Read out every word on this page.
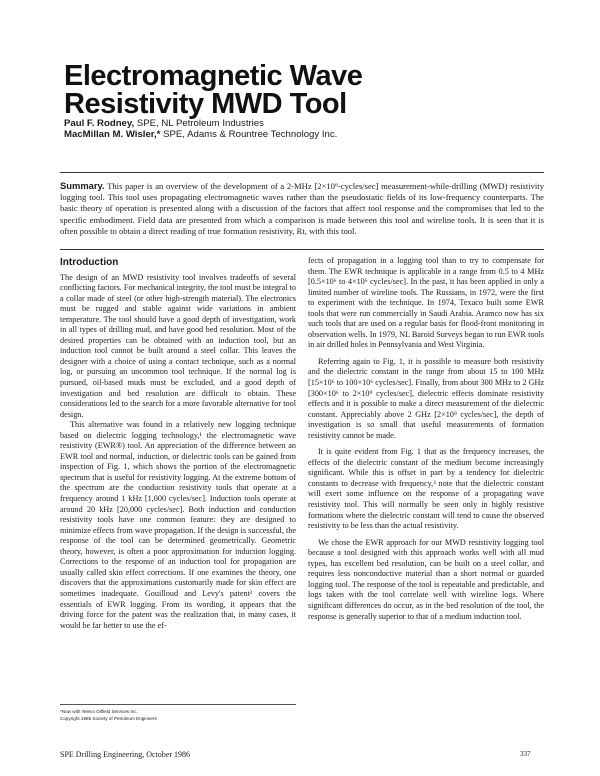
Electromagnetic Wave
Resistivity MWD Tool
Paul F. Rodney, SPE, NL Petroleum Industries
MacMillan M. Wisler,* SPE, Adams & Rountree Technology Inc.
Summary. This paper is an overview of the development of a 2-MHz [2×10⁶-cycles/sec] measurement-while-drilling (MWD) resistivity logging tool. This tool uses propagating electromagnetic waves rather than the pseudostatic fields of its low-frequency counterparts. The basic theory of operation is presented along with a discussion of the factors that affect tool response and the compromises that led to the specific embodiment. Field data are presented from which a comparison is made between this tool and wireline tools. It is seen that it is often possible to obtain a direct reading of true formation resistivity, Rt, with this tool.

Introduction

The design of an MWD resistivity tool involves tradeoffs of several conflicting factors. For mechanical integrity, the tool must be integral to a collar made of steel (or other high-strength material). The electronics must be rugged and stable against wide variations in ambient temperature. The tool should have a good depth of investigation, work in all types of drilling mud, and have good bed resolution. Most of the desired properties can be obtained with an induction tool, but an induction tool cannot be built around a steel collar. This leaves the designer with a choice of using a contact technique, such as a normal log, or pursuing an uncommon tool technique. If the normal log is pursued, oil-based muds must be excluded, and a good depth of investigation and bed resolution are difficult to obtain. These considerations led to the search for a more favorable alternative for tool design.

This alternative was found in a relatively new logging technique based on dielectric logging technology,¹ the electromagnetic wave resistivity (EWR®) tool. An appreciation of the difference between an EWR tool and normal, induction, or dielectric tools can be gained from inspection of Fig. 1, which shows the portion of the electromagnetic spectrum that is useful for resistivity logging. At the extreme bottom of the spectrum are the conduction resistivity tools that operate at a frequency around 1 kHz [1,000 cycles/sec]. Induction tools operate at around 20 kHz [20,000 cycles/sec]. Both induction and conduction resistivity tools have one common feature: they are designed to minimize effects from wave propagation. If the design is successful, the response of the tool can be determined geometrically. Geometric theory, however, is often a poor approximation for induction logging. Corrections to the response of an induction tool for propagation are usually called skin effect corrections. If one examines the theory, one discovers that the approximations customarily made for skin effect are sometimes inadequate. Gouilloud and Levy's patent² covers the essentials of EWR logging. From its wording, it appears that the driving force for the patent was the realization that, in many cases, it would be far better to use the ef-

fects of propagation in a logging tool than to try to compensate for them. The EWR technique is applicable in a range from 0.5 to 4 MHz [0.5×10⁶ to 4×10⁶ cycles/sec]. In the past, it has been applied in only a limited number of wireline tools. The Russians, in 1972, were the first to experiment with the technique. In 1974, Texaco built some EWR tools that were run commercially in Saudi Arabia. Aramco now has six such tools that are used on a regular basis for flood-front monitoring in observation wells. In 1979, NL Baroid Surveys began to run EWR tools in air drilled holes in Pennsylvania and West Virginia.

Referring again to Fig. 1, it is possible to measure both resistivity and the dielectric constant in the range from about 15 to 100 MHz [15×10⁶ to 100×10⁶ cycles/sec]. Finally, from about 300 MHz to 2 GHz [300×10⁶ to 2×10⁹ cycles/sec], dielectric effects dominate resistivity effects and it is possible to make a direct measurement of the dielectric constant. Appreciably above 2 GHz [2×10⁹ cycles/sec], the depth of investigation is so small that useful measurements of formation resistivity cannot be made.

It is quite evident from Fig. 1 that as the frequency increases, the effects of the dielectric constant of the medium become increasingly significant. While this is offset in part by a tendency for dielectric constants to decrease with frequency,³ note that the dielectric constant will exert some influence on the response of a propagating wave resistivity tool. This will normally be seen only in highly resistive formations where the dielectric constant will tend to cause the observed resistivity to be less than the actual resistivity.

We chose the EWR approach for our MWD resistivity logging tool because a tool designed with this approach works well with all mud types, has excellent bed resolution, can be built on a steel collar, and requires less nonconductive material than a short normal or guarded logging tool. The response of the tool is repeatable and predictable, and logs taken with the tool correlate well with wireline logs. Where significant differences do occur, as in the bed resolution of the tool, the response is generally superior to that of a medium induction tool.

*Now with Teleco Oilfield Services Inc.
Copyright 1986 Society of Petroleum Engineers
SPE Drilling Engineering, October 1986	337
